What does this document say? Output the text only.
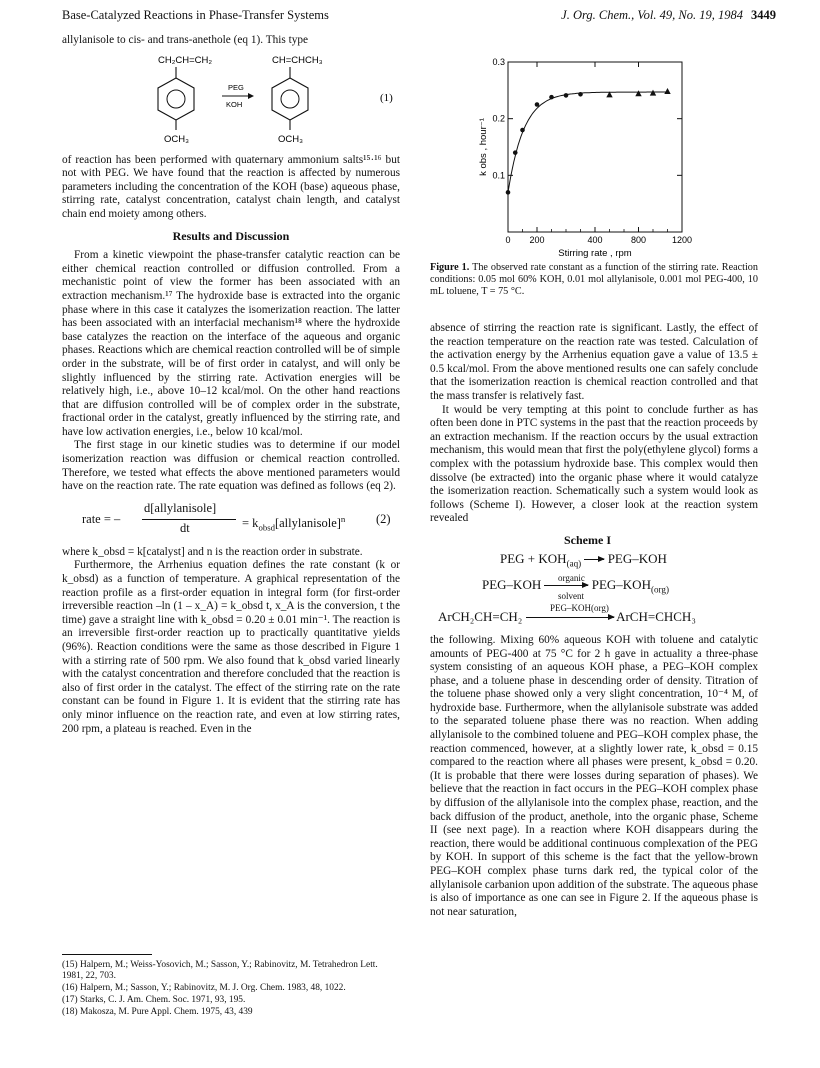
Base-Catalyzed Reactions in Phase-Transfer Systems	J. Org. Chem., Vol. 49, No. 19, 1984 3449

allylanisole to cis- and trans-anethole (eq 1). This type

CH₂CH=CH₂
OCH₃
PEG
KOH
CH=CHCH₃
OCH₃
(1)

of reaction has been performed with quaternary ammonium salts¹⁵·¹⁶ but not with PEG. We have found that the reaction is affected by numerous parameters including the concentration of the KOH (base) aqueous phase, stirring rate, catalyst concentration, catalyst chain length, and catalyst chain end moiety among others.

Results and Discussion

From a kinetic viewpoint the phase-transfer catalytic reaction can be either chemical reaction controlled or diffusion controlled. From a mechanistic point of view the former has been associated with an extraction mechanism.¹⁷ The hydroxide base is extracted into the organic phase where in this case it catalyzes the isomerization reaction. The latter has been associated with an interfacial mechanism¹⁸ where the hydroxide base catalyzes the reaction on the interface of the aqueous and organic phases. Reactions which are chemical reaction controlled will be of simple order in the substrate, will be of first order in catalyst, and will only be slightly influenced by the stirring rate. Activation energies will be relatively high, i.e., above 10–12 kcal/mol. On the other hand reactions that are diffusion controlled will be of complex order in the substrate, fractional order in the catalyst, greatly influenced by the stirring rate, and have low activation energies, i.e., below 10 kcal/mol.

The first stage in our kinetic studies was to determine if our model isomerization reaction was diffusion or chemical reaction controlled. Therefore, we tested what effects the above mentioned parameters would have on the reaction rate. The rate equation was defined as follows (eq 2).

rate = –
d[allylanisole]
dt	= $k_{obsd}[allylanisole]^n$ (2)

where k_obsd = k[catalyst] and n is the reaction order in substrate.

Furthermore, the Arrhenius equation defines the rate constant (k or k_obsd) as a function of temperature. A graphical representation of the reaction profile as a first-order equation in integral form (for first-order irreversible reaction –ln (1 – x_A) = k_obsd t, x_A is the conversion, t the time) gave a straight line with k_obsd = 0.20 ± 0.01 min⁻¹. The reaction is an irreversible first-order reaction up to practically quantitative yields (96%). Reaction conditions were the same as those described in Figure 1 with a stirring rate of 500 rpm. We also found that k_obsd varied linearly with the catalyst concentration and therefore concluded that the reaction is also of first order in the catalyst. The effect of the stirring rate on the rate constant can be found in Figure 1. It is evident that the stirring rate has only minor influence on the reaction rate, and even at low stirring rates, 200 rpm, a plateau is reached. Even in the

(15) Halpern, M.; Weiss-Yosovich, M.; Sasson, Y.; Rabinovitz, M. Tetrahedron Lett. 1981, 22, 703.
(16) Halpern, M.; Sasson, Y.; Rabinovitz, M. J. Org. Chem. 1983, 48, 1022.
(17) Starks, C. J. Am. Chem. Soc. 1971, 93, 195.
(18) Makosza, M. Pure Appl. Chem. 1975, 43, 439
0 200	400	800	1200
0.1
0.2
0.3
Stirring rate , rpm
k obs , hour⁻¹
Figure 1. The observed rate constant as a function of the stirring rate. Reaction conditions: 0.05 mol 60% KOH, 0.01 mol allylanisole, 0.001 mol PEG-400, 10 mL toluene, T = 75 °C.

absence of stirring the reaction rate is significant. Lastly, the effect of the reaction temperature on the reaction rate was tested. Calculation of the activation energy by the Arrhenius equation gave a value of 13.5 ± 0.5 kcal/mol. From the above mentioned results one can safely conclude that the isomerization reaction is chemical reaction controlled and that the mass transfer is relatively fast.

It would be very tempting at this point to conclude further as has often been done in PTC systems in the past that the reaction proceeds by an extraction mechanism. If the reaction occurs by the usual extraction mechanism, this would mean that first the poly(ethylene glycol) forms a complex with the potassium hydroxide base. This complex would then dissolve (be extracted) into the organic phase where it would catalyze the isomerization reaction. Schematically such a system would look as follows (Scheme I). However, a closer look at the reaction system revealed

Scheme I
PEG + $KOH_{(aq)}$ PEG–KOH
PEG–KOH	PEG–$KOH_{(org)}$
organic
solvent
ArCH₂CH=CH₂	ArCH=CHCH₃
PEG–KOH(org)

the following. Mixing 60% aqueous KOH with toluene and catalytic amounts of PEG-400 at 75 °C for 2 h gave in actuality a three-phase system consisting of an aqueous KOH phase, a PEG–KOH complex phase, and a toluene phase in descending order of density. Titration of the toluene phase showed only a very slight concentration, 10⁻⁴ M, of hydroxide base. Furthermore, when the allylanisole substrate was added to the separated toluene phase there was no reaction. When adding allylanisole to the combined toluene and PEG–KOH complex phase, the reaction commenced, however, at a slightly lower rate, k_obsd = 0.15 compared to the reaction where all phases were present, k_obsd = 0.20. (It is probable that there were losses during separation of phases). We believe that the reaction in fact occurs in the PEG–KOH complex phase by diffusion of the allylanisole into the complex phase, reaction, and the back diffusion of the product, anethole, into the organic phase, Scheme II (see next page). In a reaction where KOH disappears during the reaction, there would be additional continuous complexation of the PEG by KOH. In support of this scheme is the fact that the yellow-brown PEG–KOH complex phase turns dark red, the typical color of the allylanisole carbanion upon addition of the substrate. The aqueous phase is also of importance as one can see in Figure 2. If the aqueous phase is not near saturation,
